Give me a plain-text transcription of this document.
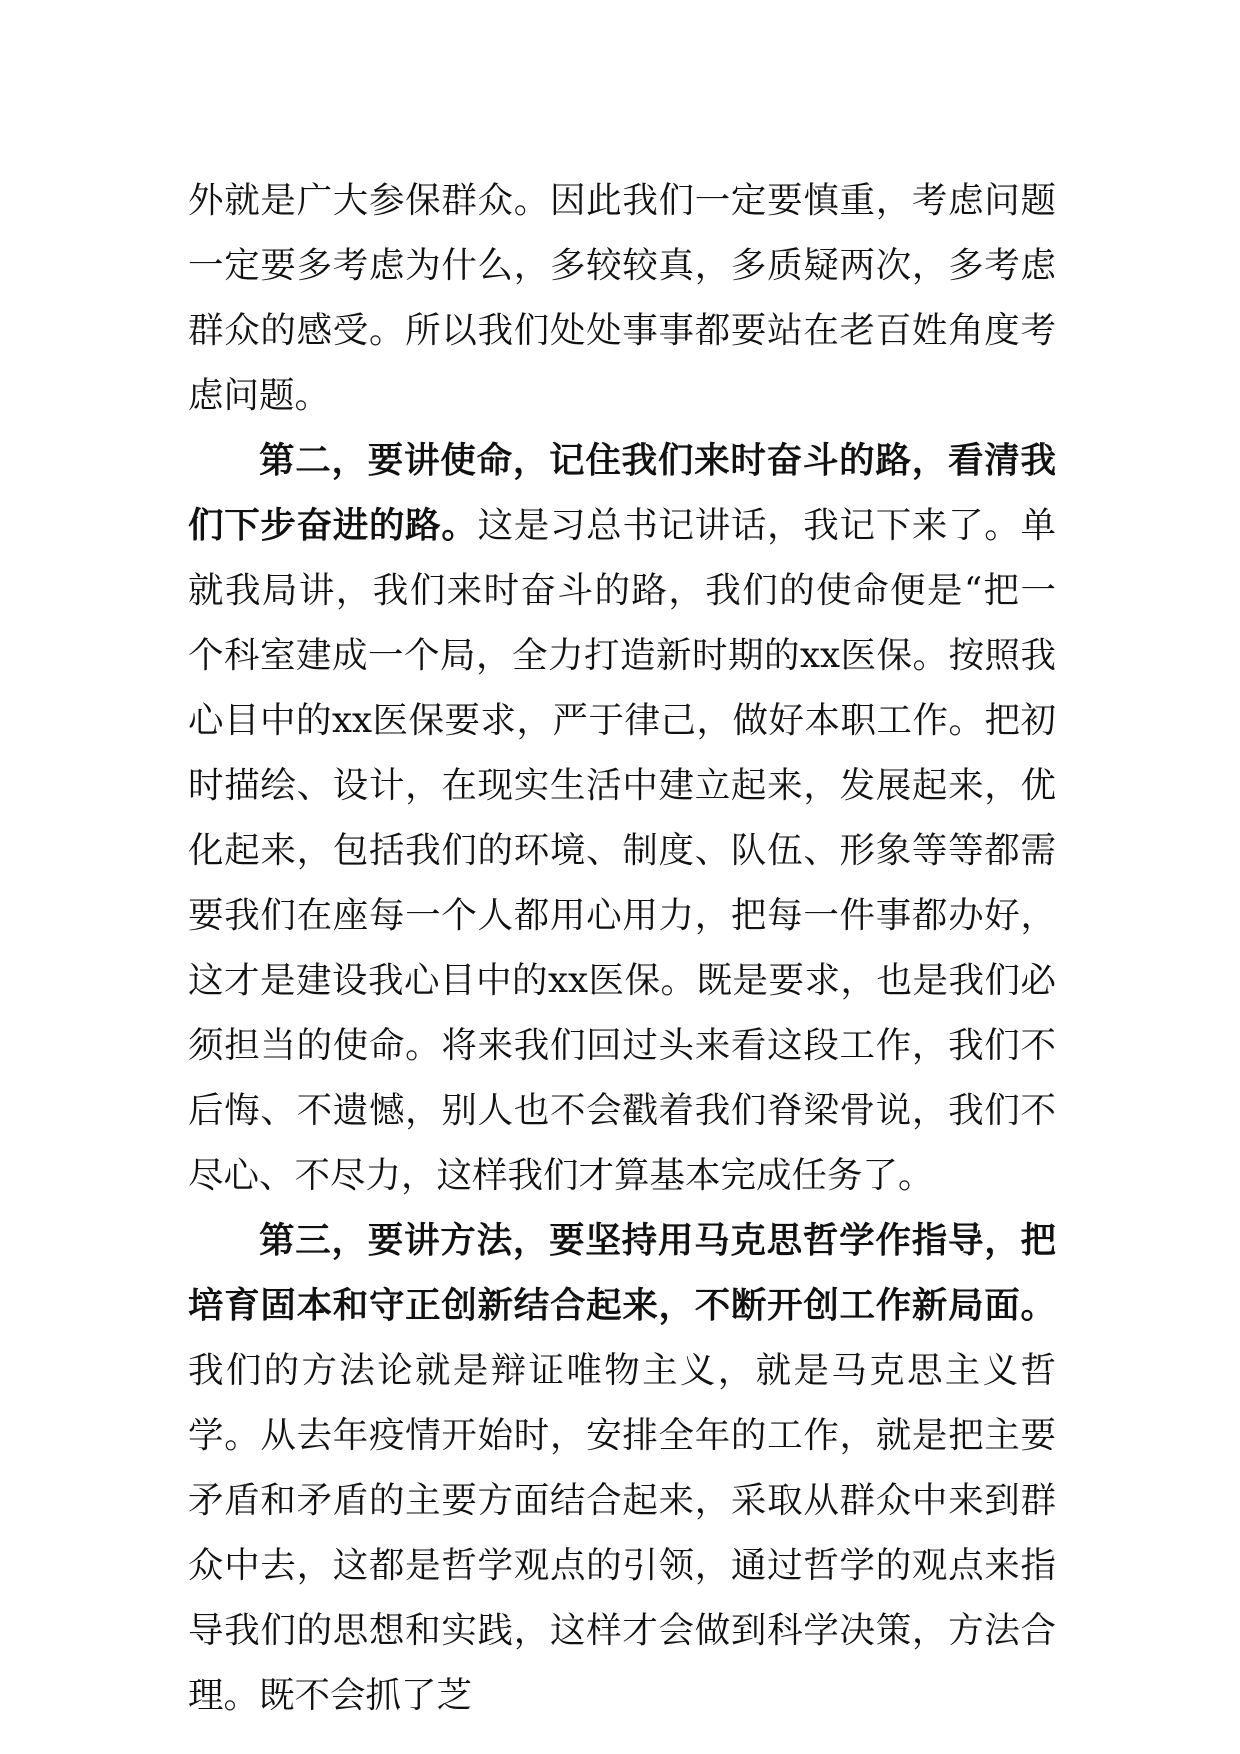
外就是广大参保群众。因此我们一定要慎重，考虑问题一定要多考虑为什么，多较较真，多质疑两次，多考虑群众的感受。所以我们处处事事都要站在老百姓角度考虑问题。

第二，要讲使命，记住我们来时奋斗的路，看清我们下步奋进的路。这是习总书记讲话，我记下来了。单就我局讲，我们来时奋斗的路，我们的使命便是“把一个科室建成一个局，全力打造新时期的xx医保。按照我心目中的xx医保要求，严于律己，做好本职工作。把初时描绘、设计，在现实生活中建立起来，发展起来，优化起来，包括我们的环境、制度、队伍、形象等等都需要我们在座每一个人都用心用力，把每一件事都办好，这才是建设我心目中的xx医保。既是要求，也是我们必须担当的使命。将来我们回过头来看这段工作，我们不后悔、不遗憾，别人也不会戳着我们脊梁骨说，我们不尽心、不尽力，这样我们才算基本完成任务了。

第三，要讲方法，要坚持用马克思哲学作指导，把培育固本和守正创新结合起来，不断开创工作新局面。我们的方法论就是辩证唯物主义，就是马克思主义哲学。从去年疫情开始时，安排全年的工作，就是把主要矛盾和矛盾的主要方面结合起来，采取从群众中来到群众中去，这都是哲学观点的引领，通过哲学的观点来指导我们的思想和实践，这样才会做到科学决策，方法合理。既不会抓了芝
